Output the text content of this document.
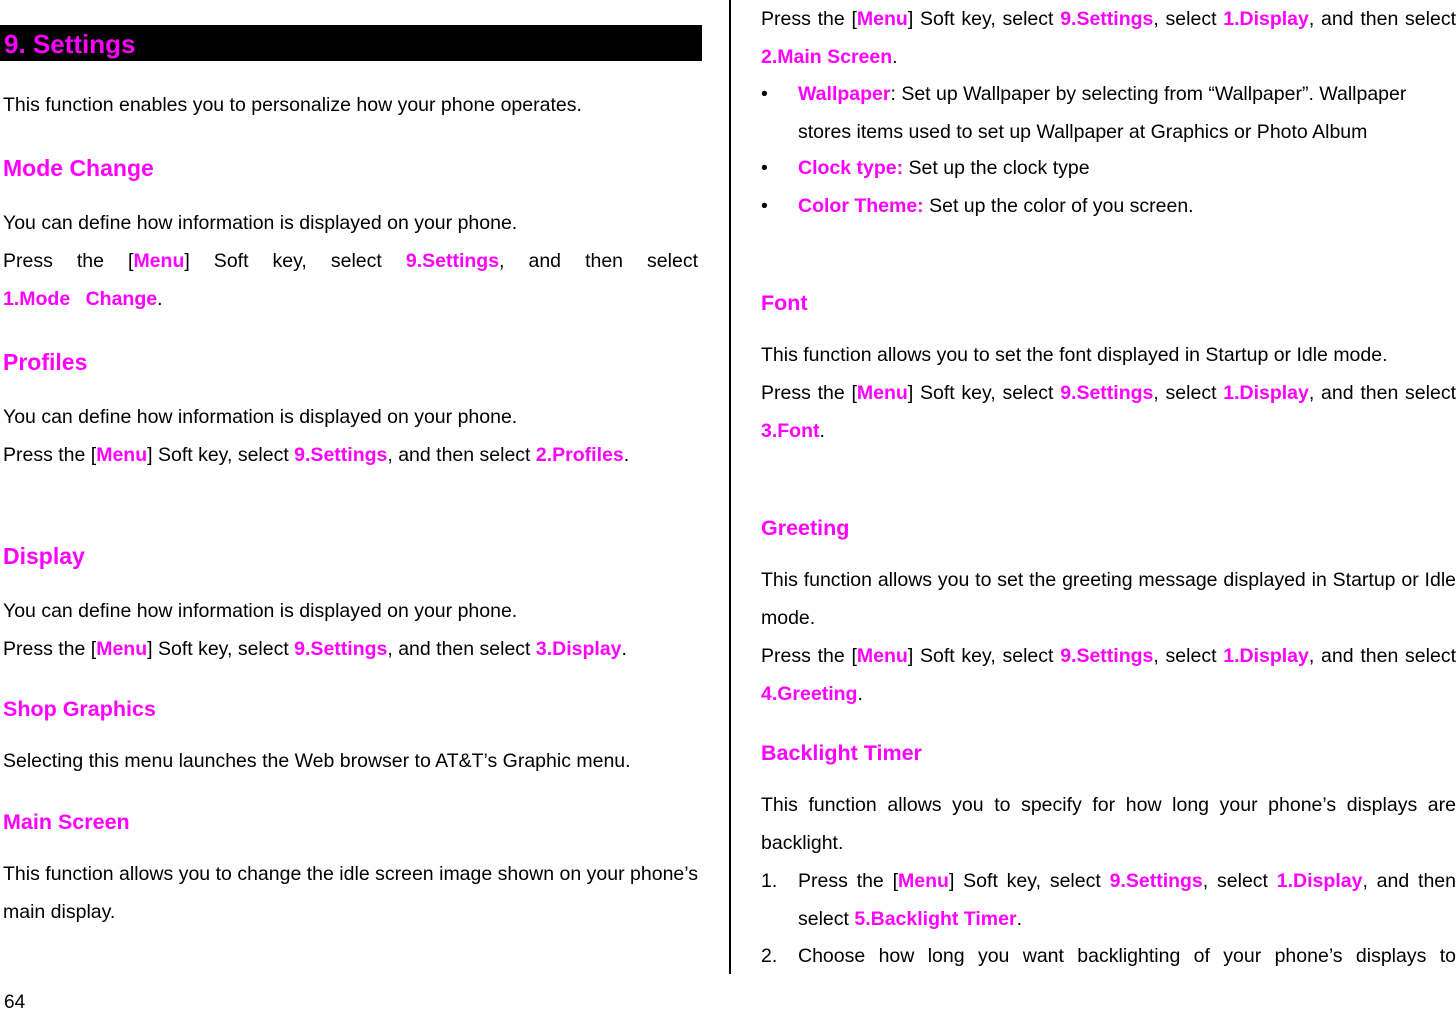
9. Settings

This function enables you to personalize how your phone operates.

Mode Change

You can define how information is displayed on your phone.

Press the [Menu] Soft key, select 9.Settings, and then select 1.Mode Change.

Profiles

You can define how information is displayed on your phone.

Press the [Menu] Soft key, select 9.Settings, and then select 2.Profiles.

Display

You can define how information is displayed on your phone.

Press the [Menu] Soft key, select 9.Settings, and then select 3.Display.

Shop Graphics

Selecting this menu launches the Web browser to AT&T’s Graphic menu.

Main Screen

This function allows you to change the idle screen image shown on your phone’s main display.

Press the [Menu] Soft key, select 9.Settings, select 1.Display, and then select 2.Main Screen.

• Wallpaper: Set up Wallpaper by selecting from “Wallpaper”. Wallpaper stores items used to set up Wallpaper at Graphics or Photo Album
• Clock type: Set up the clock type
• Color Theme: Set up the color of you screen.
Font

This function allows you to set the font displayed in Startup or Idle mode.

Press the [Menu] Soft key, select 9.Settings, select 1.Display, and then select 3.Font.

Greeting

This function allows you to set the greeting message displayed in Startup or Idle mode.

Press the [Menu] Soft key, select 9.Settings, select 1.Display, and then select 4.Greeting.

Backlight Timer

This function allows you to specify for how long your phone’s displays are backlight.

1. Press the [Menu] Soft key, select 9.Settings, select 1.Display, and then select 5.Backlight Timer.
2. Choose how long you want backlighting of your phone’s displays to
64
